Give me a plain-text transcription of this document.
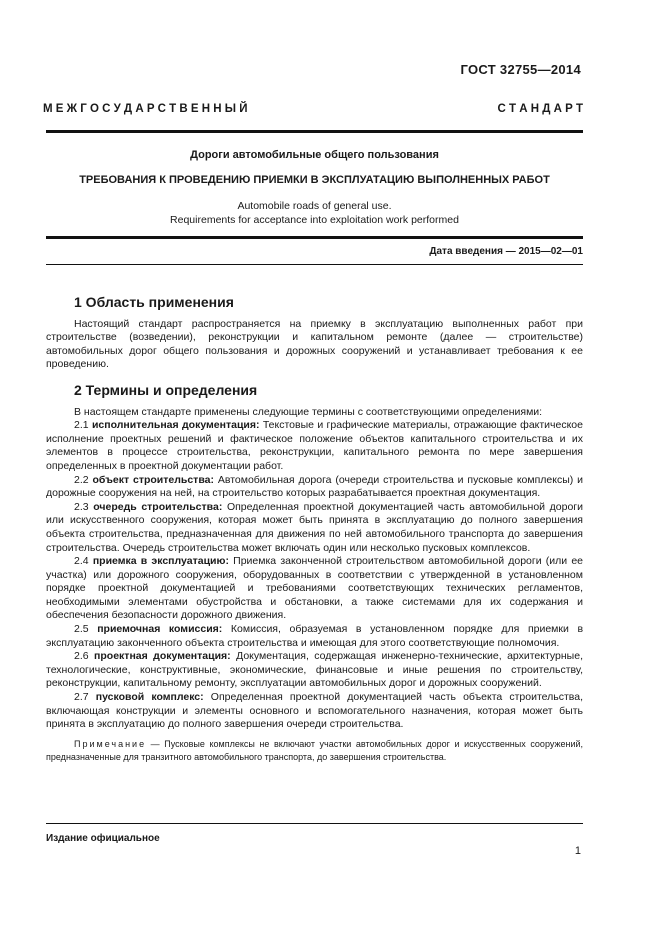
ГОСТ 32755—2014
М Е Ж Г О С У Д А Р С Т В Е Н Н Ы Й	С Т А Н Д А Р Т
Дороги автомобильные общего пользования
ТРЕБОВАНИЯ К ПРОВЕДЕНИЮ ПРИЕМКИ В ЭКСПЛУАТАЦИЮ ВЫПОЛНЕННЫХ РАБОТ
Automobile roads of general use.
Requirements for acceptance into exploitation work performed
Дата введения — 2015—02—01
1 Область применения

Настоящий стандарт распространяется на приемку в эксплуатацию выполненных работ при строительстве (возведении), реконструкции и капитальном ремонте (далее — строительстве) автомобильных дорог общего пользования и дорожных сооружений и устанавливает требования к ее проведению.

2 Термины и определения

В настоящем стандарте применены следующие термины с соответствующими определениями:

2.1 исполнительная документация: Текстовые и графические материалы, отражающие фактическое исполнение проектных решений и фактическое положение объектов капитального строительства и их элементов в процессе строительства, реконструкции, капитального ремонта по мере завершения определенных в проектной документации работ.

2.2 объект строительства: Автомобильная дорога (очереди строительства и пусковые комплексы) и дорожные сооружения на ней, на строительство которых разрабатывается проектная документация.

2.3 очередь строительства: Определенная проектной документацией часть автомобильной дороги или искусственного сооружения, которая может быть принята в эксплуатацию до полного завершения объекта строительства, предназначенная для движения по ней автомобильного транспорта до завершения строительства. Очередь строительства может включать один или несколько пусковых комплексов.

2.4 приемка в эксплуатацию: Приемка законченной строительством автомобильной дороги (или ее участка) или дорожного сооружения, оборудованных в соответствии с утвержденной в установленном порядке проектной документацией и требованиями соответствующих технических регламентов, необходимыми элементами обустройства и обстановки, а также системами для их содержания и обеспечения безопасности дорожного движения.

2.5 приемочная комиссия: Комиссия, образуемая в установленном порядке для приемки в эксплуатацию законченного объекта строительства и имеющая для этого соответствующие полномочия.

2.6 проектная документация: Документация, содержащая инженерно-технические, архитектурные, технологические, конструктивные, экономические, финансовые и иные решения по строительству, реконструкции, капитальному ремонту, эксплуатации автомобильных дорог и дорожных сооружений.

2.7 пусковой комплекс: Определенная проектной документацией часть объекта строительства, включающая конструкции и элементы основного и вспомогательного назначения, которая может быть принята в эксплуатацию до полного завершения очереди строительства.

Примечание — Пусковые комплексы не включают участки автомобильных дорог и искусственных сооружений, предназначенные для транзитного автомобильного транспорта, до завершения строительства.

Издание официальное
1
